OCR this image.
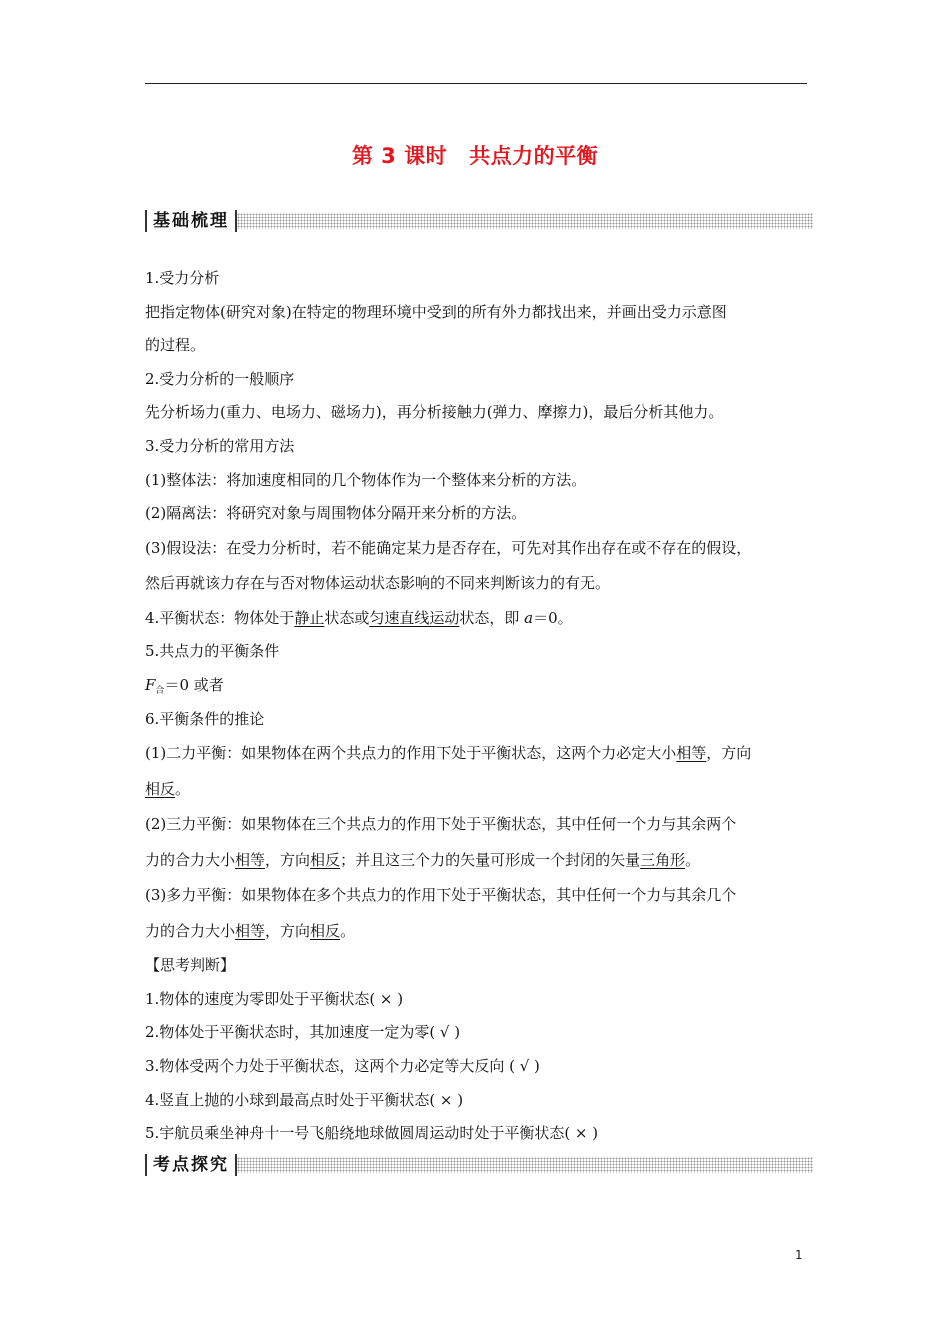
第 3 课时 共点力的平衡
基础梳理
1.受力分析
把指定物体(研究对象)在特定的物理环境中受到的所有外力都找出来，并画出受力示意图
的过程。
2.受力分析的一般顺序
先分析场力(重力、电场力、磁场力)，再分析接触力(弹力、摩擦力)，最后分析其他力。
3.受力分析的常用方法
(1)整体法：将加速度相同的几个物体作为一个整体来分析的方法。
(2)隔离法：将研究对象与周围物体分隔开来分析的方法。
(3)假设法：在受力分析时，若不能确定某力是否存在，可先对其作出存在或不存在的假设，
然后再就该力存在与否对物体运动状态影响的不同来判断该力的有无。
4.平衡状态：物体处于静止状态或匀速直线运动状态，即 a＝0。
5.共点力的平衡条件
$F_合=0$ 或者
6.平衡条件的推论
(1)二力平衡：如果物体在两个共点力的作用下处于平衡状态，这两个力必定大小相等，方向
相反。
(2)三力平衡：如果物体在三个共点力的作用下处于平衡状态，其中任何一个力与其余两个
力的合力大小相等，方向相反；并且这三个力的矢量可形成一个封闭的矢量三角形。
(3)多力平衡：如果物体在多个共点力的作用下处于平衡状态，其中任何一个力与其余几个
力的合力大小相等，方向相反。
【思考判断】
1.物体的速度为零即处于平衡状态( × )
2.物体处于平衡状态时，其加速度一定为零( √ )
3.物体受两个力处于平衡状态，这两个力必定等大反向 ( √ )
4.竖直上抛的小球到最高点时处于平衡状态( × )
5.宇航员乘坐神舟十一号飞船绕地球做圆周运动时处于平衡状态( × )
考点探究
1
